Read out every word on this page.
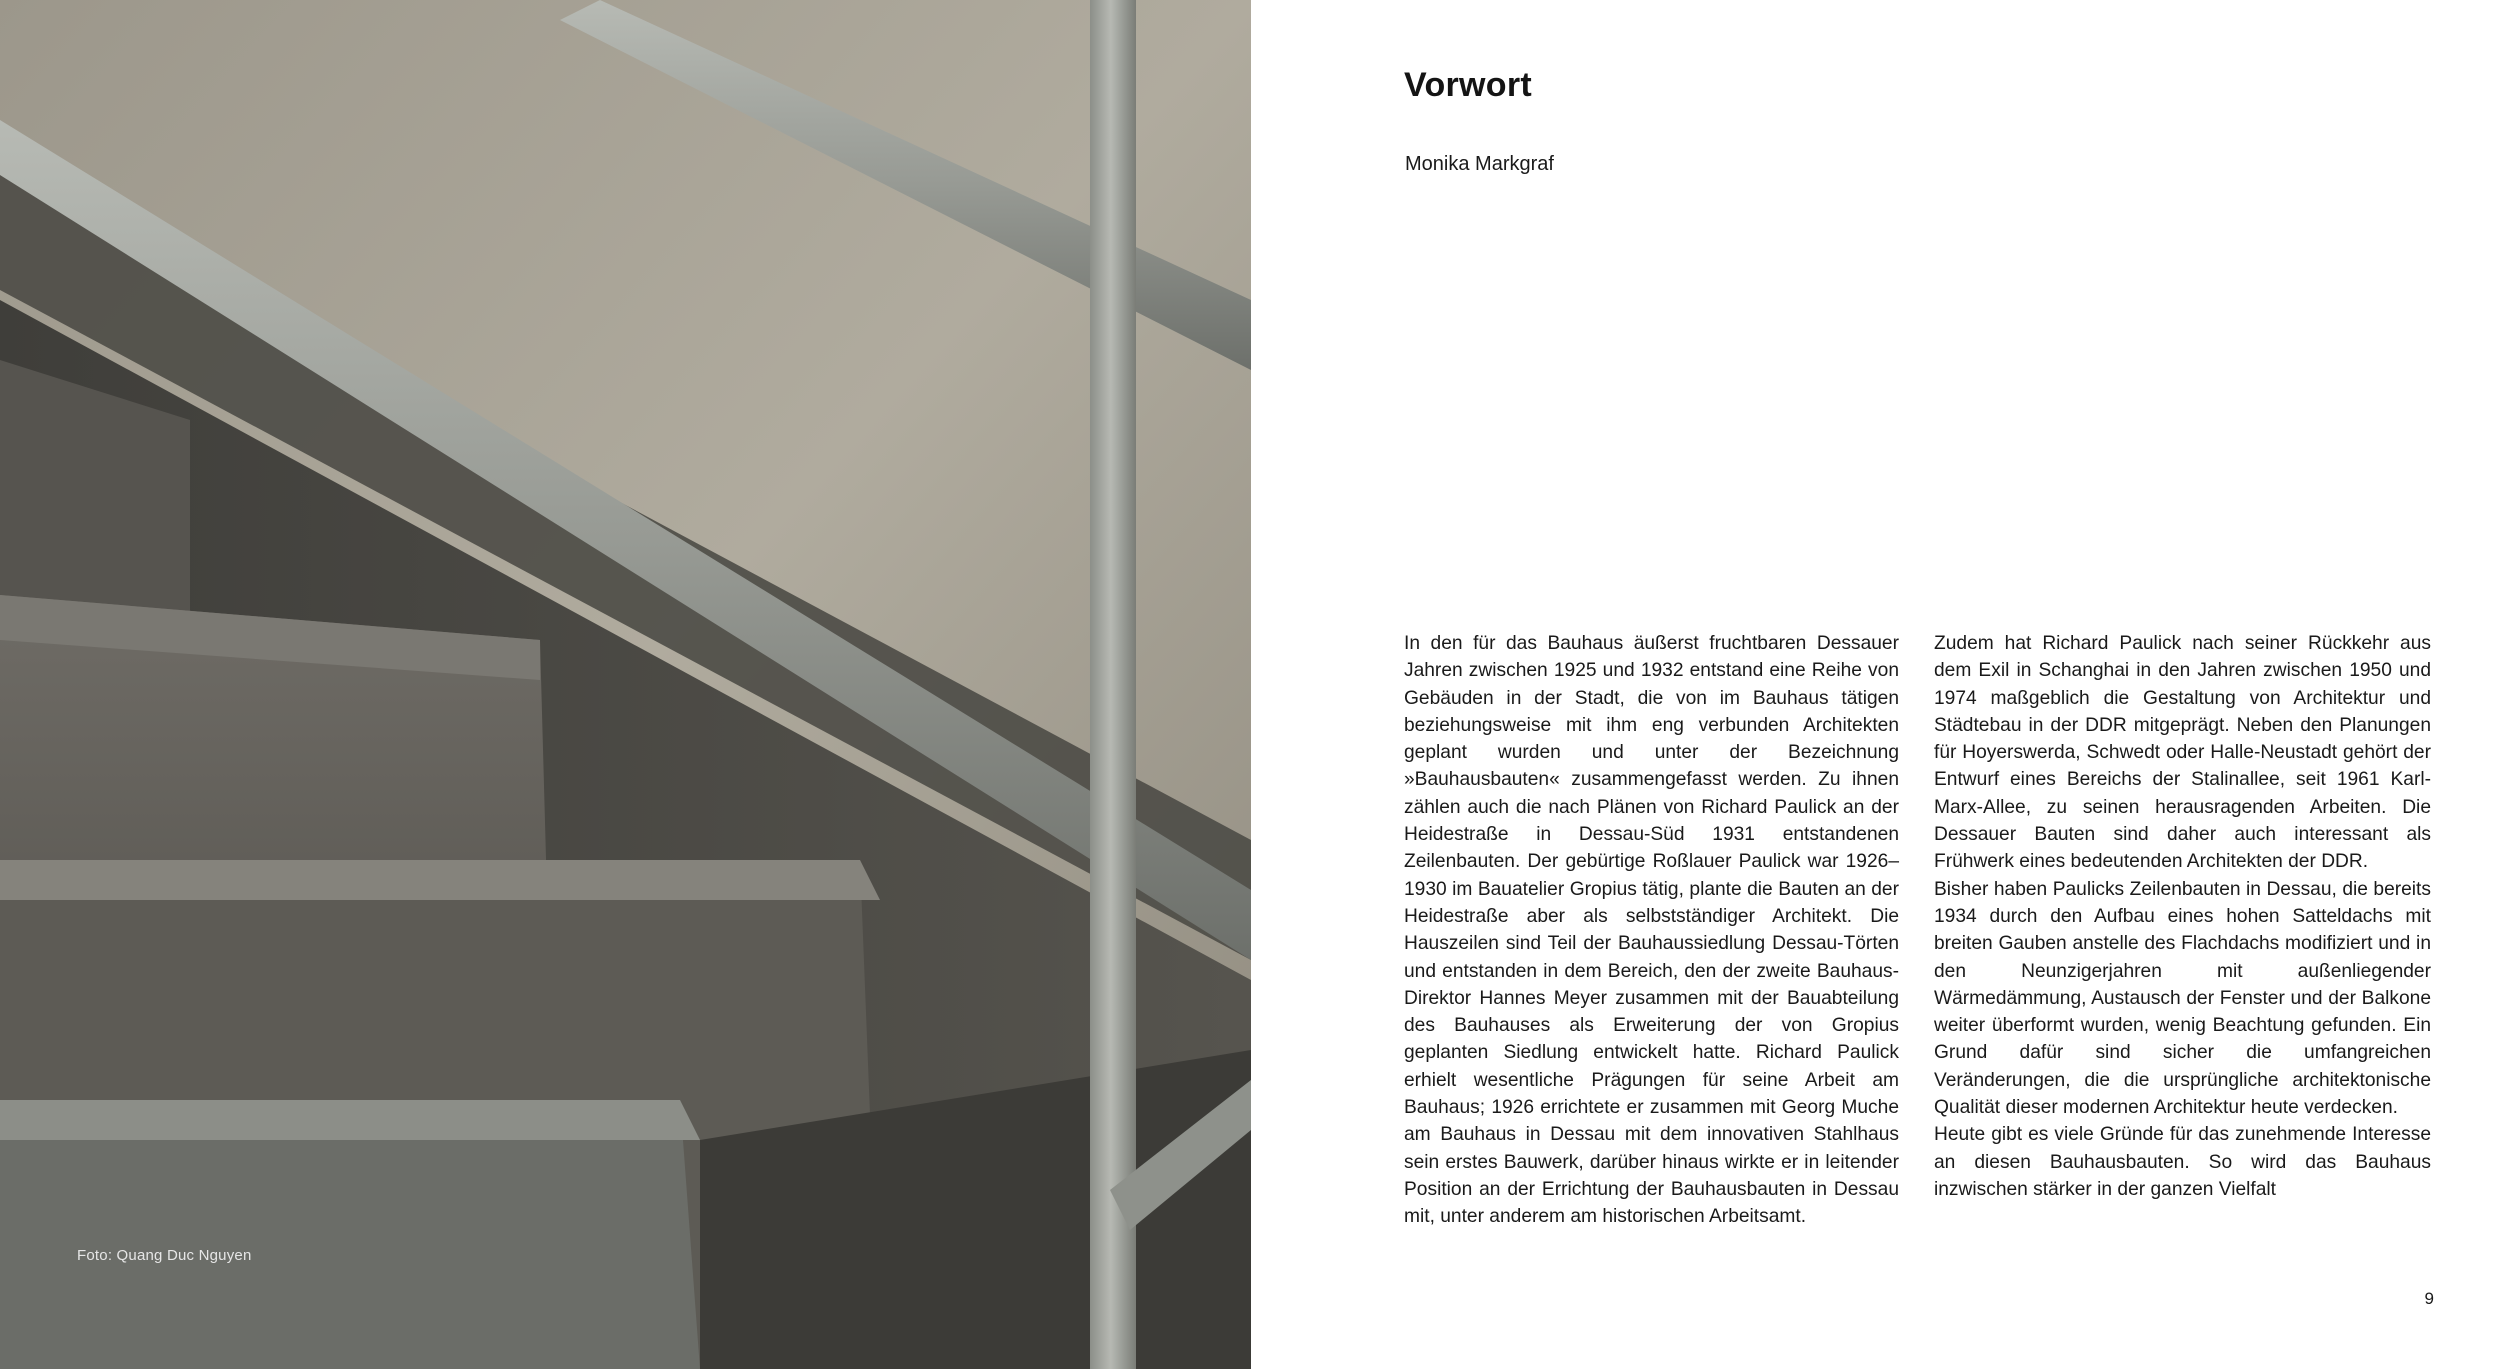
Foto: Quang Duc Nguyen
Vorwort
Monika Markgraf

In den für das Bauhaus äußerst fruchtbaren Dessauer Jahren zwischen 1925 und 1932 entstand eine Reihe von Gebäuden in der Stadt, die von im Bauhaus tätigen beziehungsweise mit ihm eng verbunden Architekten geplant wurden und unter der Bezeichnung »Bauhausbauten« zusammengefasst werden. Zu ihnen zählen auch die nach Plänen von Richard Paulick an der Heidestraße in Dessau-Süd 1931 entstandenen Zeilenbauten. Der gebürtige Roßlauer Paulick war 1926–1930 im Bauatelier Gropius tätig, plante die Bauten an der Heidestraße aber als selbstständiger Architekt. Die Hauszeilen sind Teil der Bauhaussiedlung Dessau-Törten und entstanden in dem Bereich, den der zweite Bauhaus-Direktor Hannes Meyer zusammen mit der Bauabteilung des Bauhauses als Erweiterung der von Gropius geplanten Siedlung entwickelt hatte. Richard Paulick erhielt wesentliche Prägungen für seine Arbeit am Bauhaus; 1926 errichtete er zusammen mit Georg Muche am Bauhaus in Dessau mit dem innovativen Stahlhaus sein erstes Bauwerk, darüber hinaus wirkte er in leitender Position an der Errichtung der Bauhausbauten in Dessau mit, unter anderem am historischen Arbeitsamt.

Zudem hat Richard Paulick nach seiner Rückkehr aus dem Exil in Schanghai in den Jahren zwischen 1950 und 1974 maßgeblich die Gestaltung von Architektur und Städtebau in der DDR mitgeprägt. Neben den Planungen für Hoyerswerda, Schwedt oder Halle-Neustadt gehört der Entwurf eines Bereichs der Stalinallee, seit 1961 Karl-Marx-Allee, zu seinen herausragenden Arbeiten. Die Dessauer Bauten sind daher auch interessant als Frühwerk eines bedeutenden Architekten der DDR.

Bisher haben Paulicks Zeilenbauten in Dessau, die bereits 1934 durch den Aufbau eines hohen Satteldachs mit breiten Gauben anstelle des Flachdachs modifiziert und in den Neunzigerjahren mit außenliegender Wärmedämmung, Austausch der Fenster und der Balkone weiter überformt wurden, wenig Beachtung gefunden. Ein Grund dafür sind sicher die umfangreichen Veränderungen, die die ursprüngliche architektonische Qualität dieser modernen Architektur heute verdecken.

Heute gibt es viele Gründe für das zunehmende Interesse an diesen Bauhausbauten. So wird das Bauhaus inzwischen stärker in der ganzen Vielfalt

9
